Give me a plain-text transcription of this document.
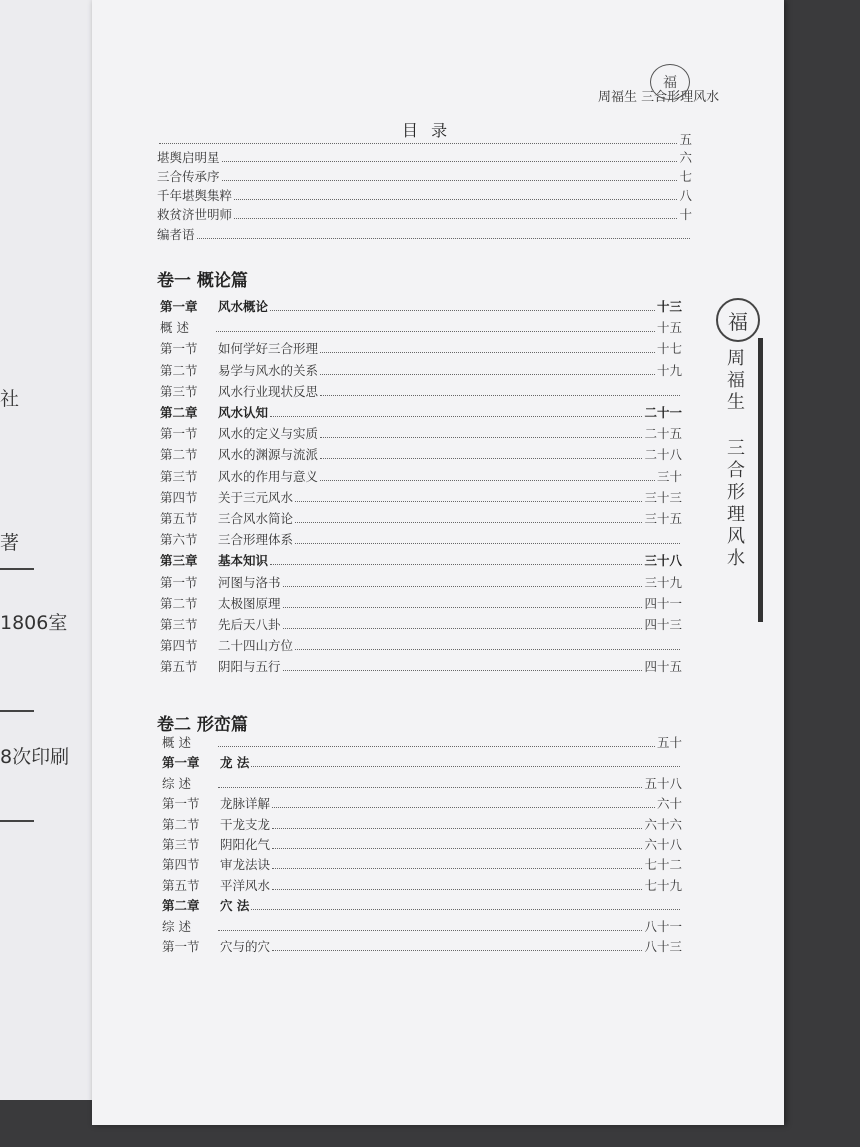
社
著
1806室
8次印刷
周福生 三合形理风水
福
目 录	五
堪舆启明星	六
三合传承序	七
千年堪舆集粹	八
救贫济世明师	十
编者语
卷一 概论篇
第一章	风水概论	十三
概 述	十五
第一节	如何学好三合形理	十七
第二节	易学与风水的关系	十九
第三节	风水行业现状反思
第二章	风水认知	二十一
第一节	风水的定义与实质	二十五
第二节	风水的渊源与流派	二十八
第三节	风水的作用与意义	三十
第四节	关于三元风水	三十三
第五节	三合风水简论	三十五
第六节	三合形理体系
第三章	基本知识	三十八
第一节	河图与洛书	三十九
第二节	太极图原理	四十一
第三节	先后天八卦	四十三
第四节	二十四山方位
第五节	阴阳与五行	四十五
卷二 形峦篇
概 述	五十
第一章	龙 法
综 述	五十八
第一节	龙脉详解	六十
第二节	干龙支龙	六十六
第三节	阴阳化气	六十八
第四节	审龙法诀	七十二
第五节	平洋风水	七十九
第二章	穴 法
综 述	八十一
第一节	穴与的穴	八十三
福
周福生
三合形理风水
